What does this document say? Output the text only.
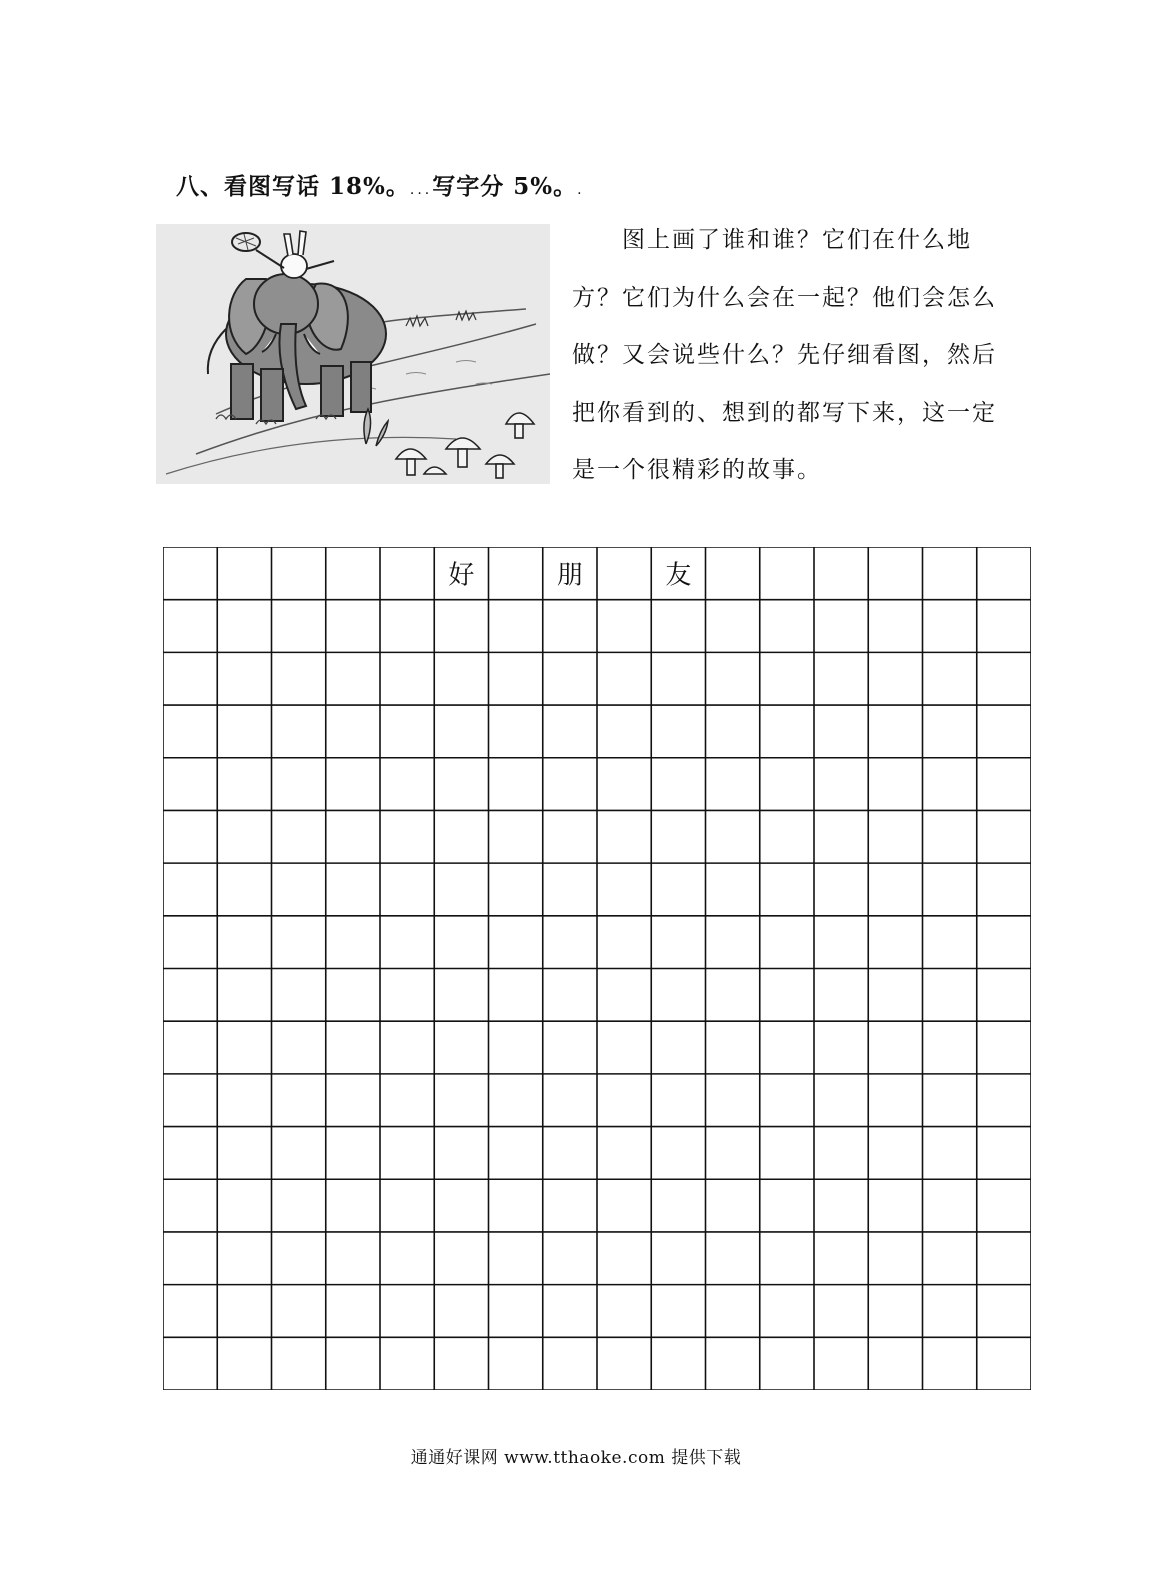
八、看图写话 18%。...写字分 5%。.
　　图上画了谁和谁？它们在什么地
方？它们为什么会在一起？他们会怎么
做？又会说些什么？先仔细看图，然后
把你看到的、想到的都写下来，这一定
是一个很精彩的故事。
好	朋	友
通通好课网 www.tthaoke.com 提供下载
